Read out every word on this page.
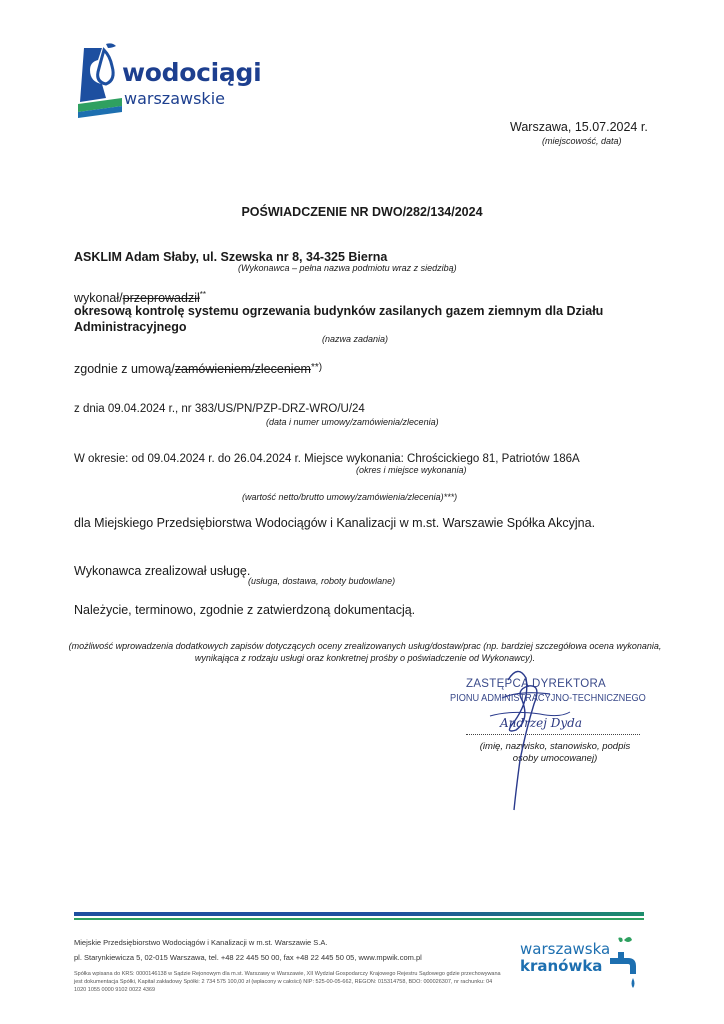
wodociągi
warszawskie
Warszawa, 15.07.2024 r.
(miejscowość, data)
POŚWIADCZENIE NR DWO/282/134/2024
ASKLIM Adam Słaby, ul. Szewska nr 8, 34-325 Bierna
(Wykonawca – pełna nazwa podmiotu wraz z siedzibą)
wykonał/przeprowadził**
okresową kontrolę systemu ogrzewania budynków zasilanych gazem ziemnym dla Działu Administracyjnego
(nazwa zadania)
zgodnie z umową/zamówieniem/zleceniem**)
z dnia 09.04.2024 r., nr 383/US/PN/PZP-DRZ-WRO/U/24
(data i numer umowy/zamówienia/zlecenia)
W okresie: od 09.04.2024 r. do 26.04.2024 r. Miejsce wykonania: Chrościckiego 81, Patriotów 186A
(okres i miejsce wykonania)
(wartość netto/brutto umowy/zamówienia/zlecenia)***)
dla Miejskiego Przedsiębiorstwa Wodociągów i Kanalizacji w m.st. Warszawie Spółka Akcyjna.
Wykonawca zrealizował usługę.
(usługa, dostawa, roboty budowlane)
Należycie, terminowo, zgodnie z zatwierdzoną dokumentacją.
(możliwość wprowadzenia dodatkowych zapisów dotyczących oceny zrealizowanych usług/dostaw/prac (np. bardziej szczegółowa ocena wykonania, wynikająca z rodzaju usługi oraz konkretnej prośby o poświadczenie od Wykonawcy).
ZASTĘPCA DYREKTORA
PIONU ADMINISTRACYJNO-TECHNICZNEGO
Andrzej Dyda
(imię, nazwisko, stanowisko, podpis osoby umocowanej)
Miejskie Przedsiębiorstwo Wodociągów i Kanalizacji w m.st. Warszawie S.A.
pl. Starynkiewicza 5, 02-015 Warszawa, tel. +48 22 445 50 00, fax +48 22 445 50 05, www.mpwik.com.pl
Spółka wpisana do KRS: 0000146138 w Sądzie Rejonowym dla m.st. Warszawy w Warszawie, XII Wydział Gospodarczy Krajowego Rejestru Sądowego gdzie przechowywana jest dokumentacja Spółki, Kapitał zakładowy Spółki: 2 734 575 100,00 zł (wpłacony w całości) NIP: 525-00-05-662, REGON: 015314758, BDO: 000026307, nr rachunku: 04 1020 1055 0000 9102 0022 4369
warszawska
kranówka
